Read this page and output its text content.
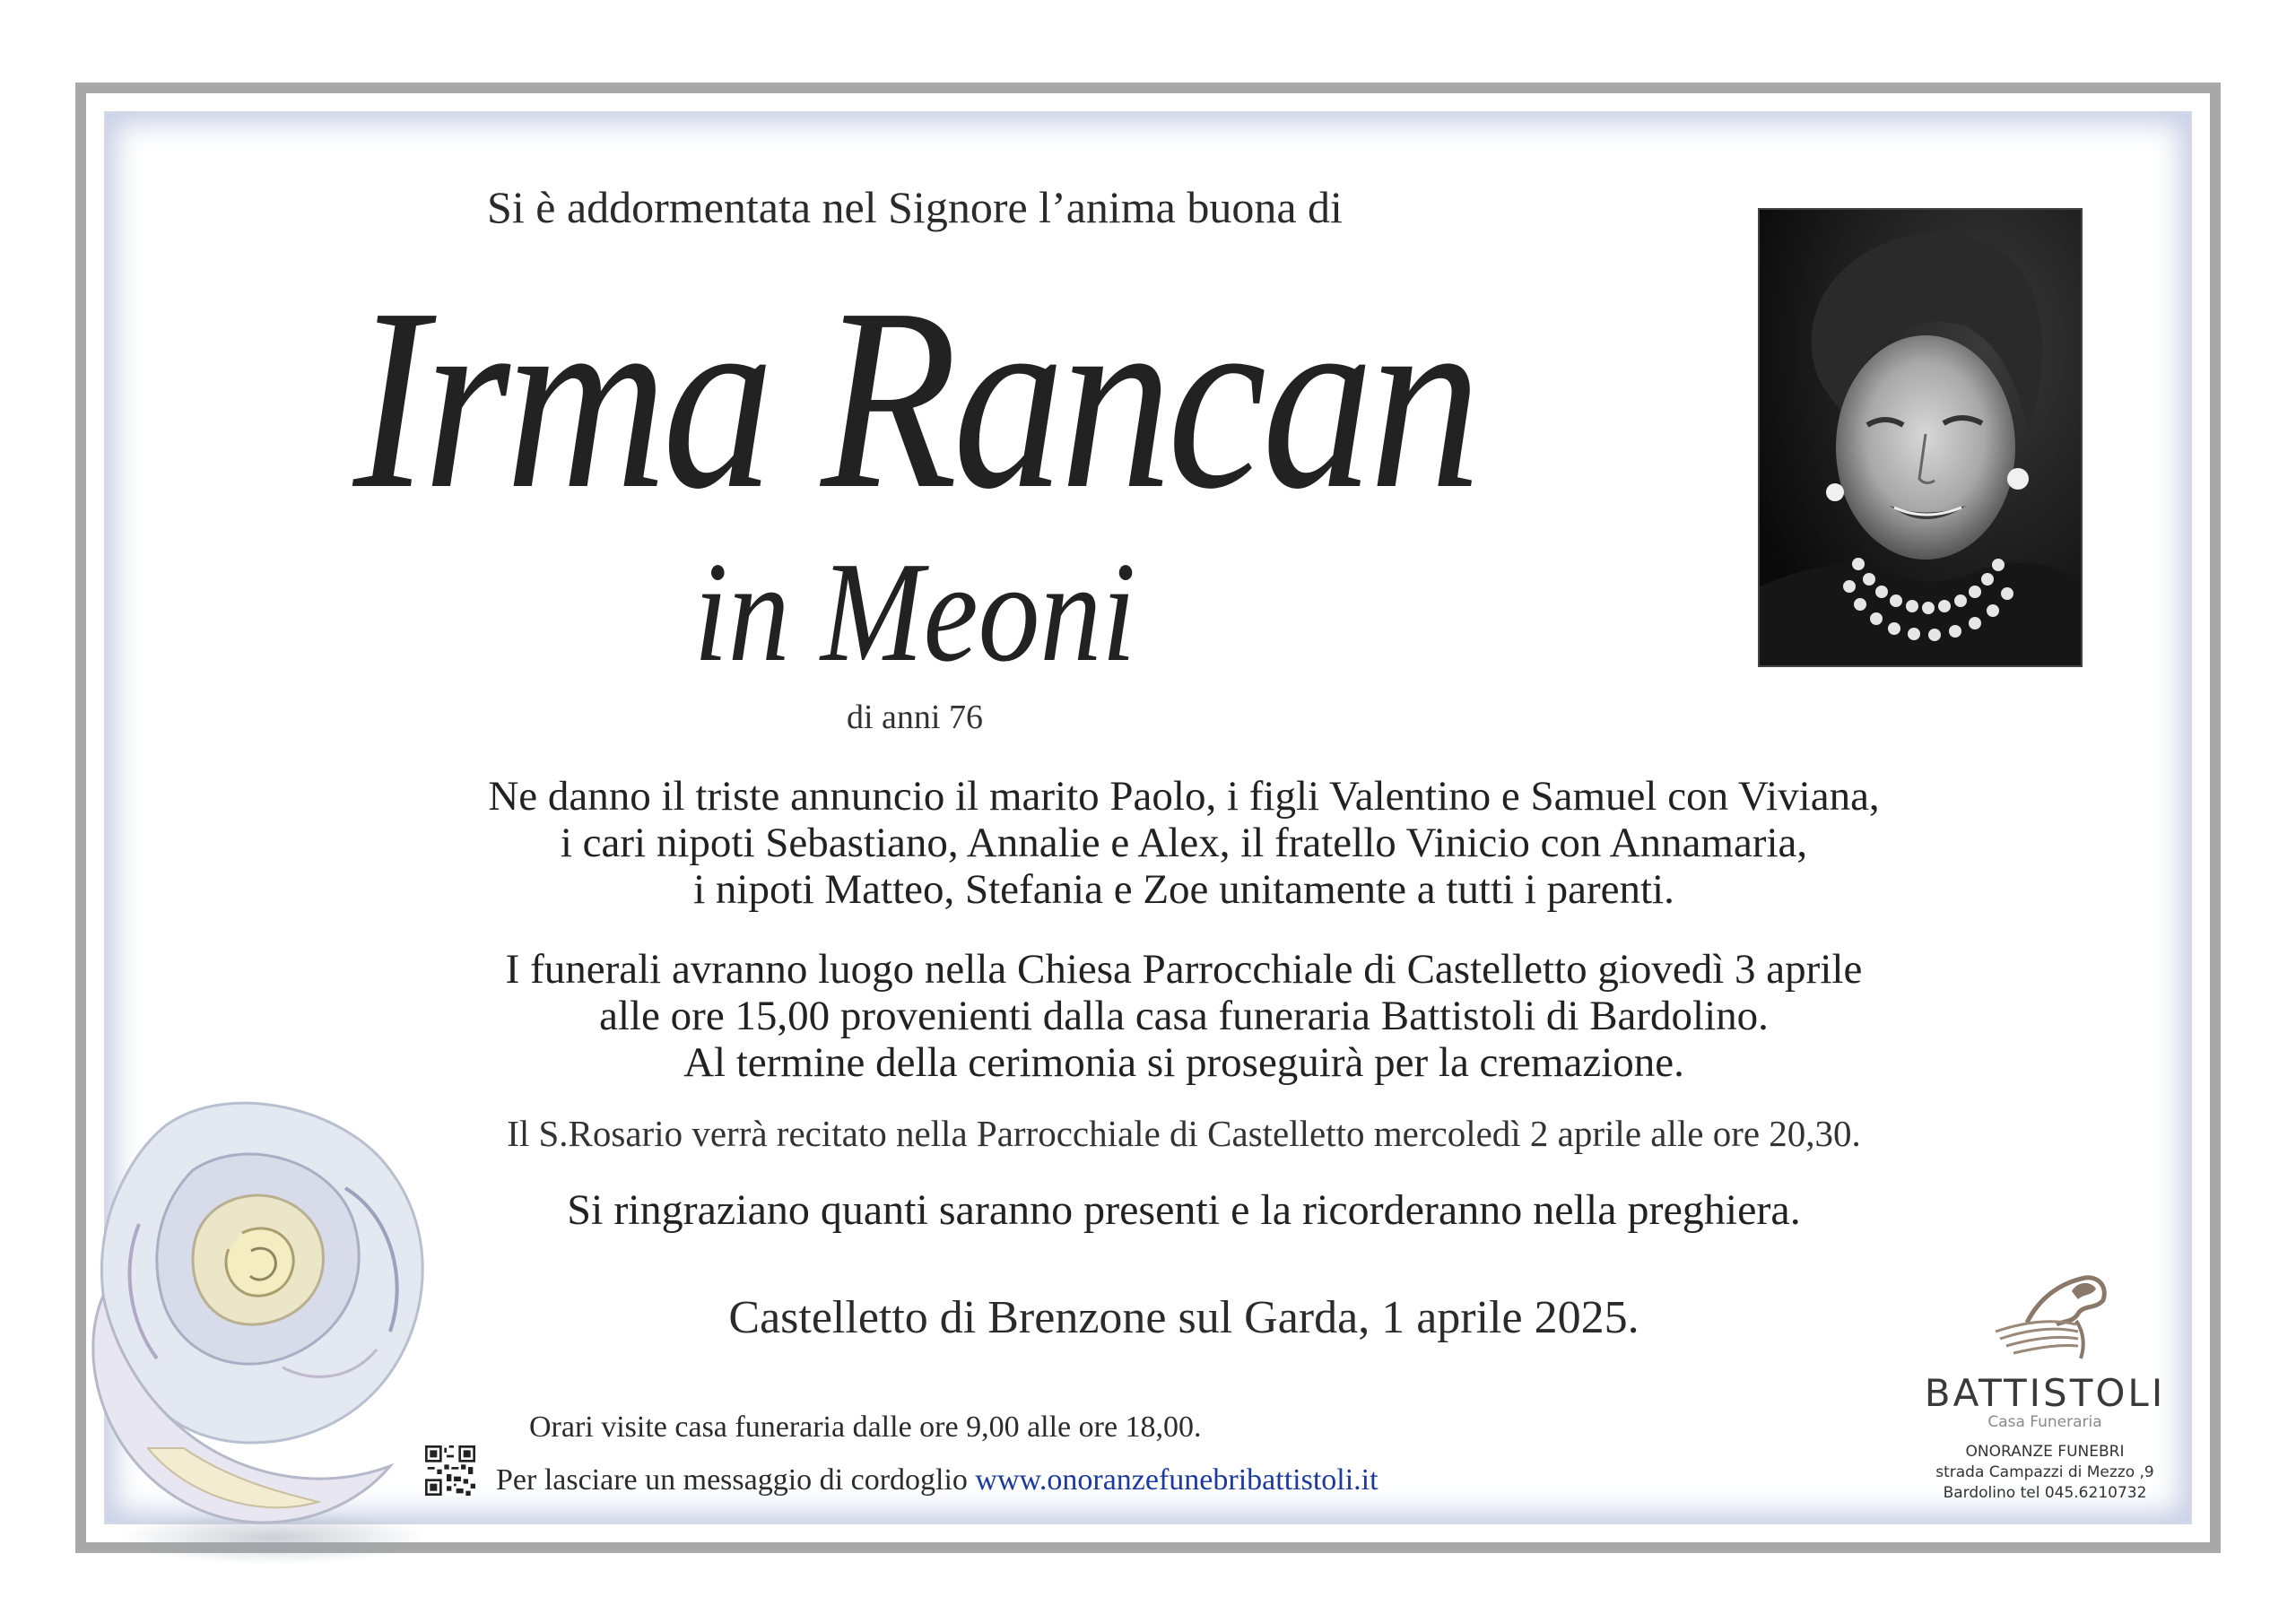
Si è addormentata nel Signore l’anima buona di
Irma Rancan
in Meoni
di anni 76
Ne danno il triste annuncio il marito Paolo, i figli Valentino e Samuel con Viviana,
i cari nipoti Sebastiano, Annalie e Alex, il fratello Vinicio con Annamaria,
i nipoti Matteo, Stefania e Zoe unitamente a tutti i parenti.
I funerali avranno luogo nella Chiesa Parrocchiale di Castelletto giovedì 3 aprile
alle ore 15,00 provenienti dalla casa funeraria Battistoli di Bardolino.
Al termine della cerimonia si proseguirà per la cremazione.
Il S.Rosario verrà recitato nella Parrocchiale di Castelletto mercoledì 2 aprile alle ore 20,30.
Si ringraziano quanti saranno presenti e la ricorderanno nella preghiera.
Castelletto di Brenzone sul Garda, 1 aprile 2025.
Orari visite casa funeraria dalle ore 9,00 alle ore 18,00.
Per lasciare un messaggio di cordoglio www.onoranzefunebribattistoli.it
BATTISTOLI
Casa Funeraria
ONORANZE FUNEBRI
strada Campazzi di Mezzo ,9
Bardolino tel 045.6210732
